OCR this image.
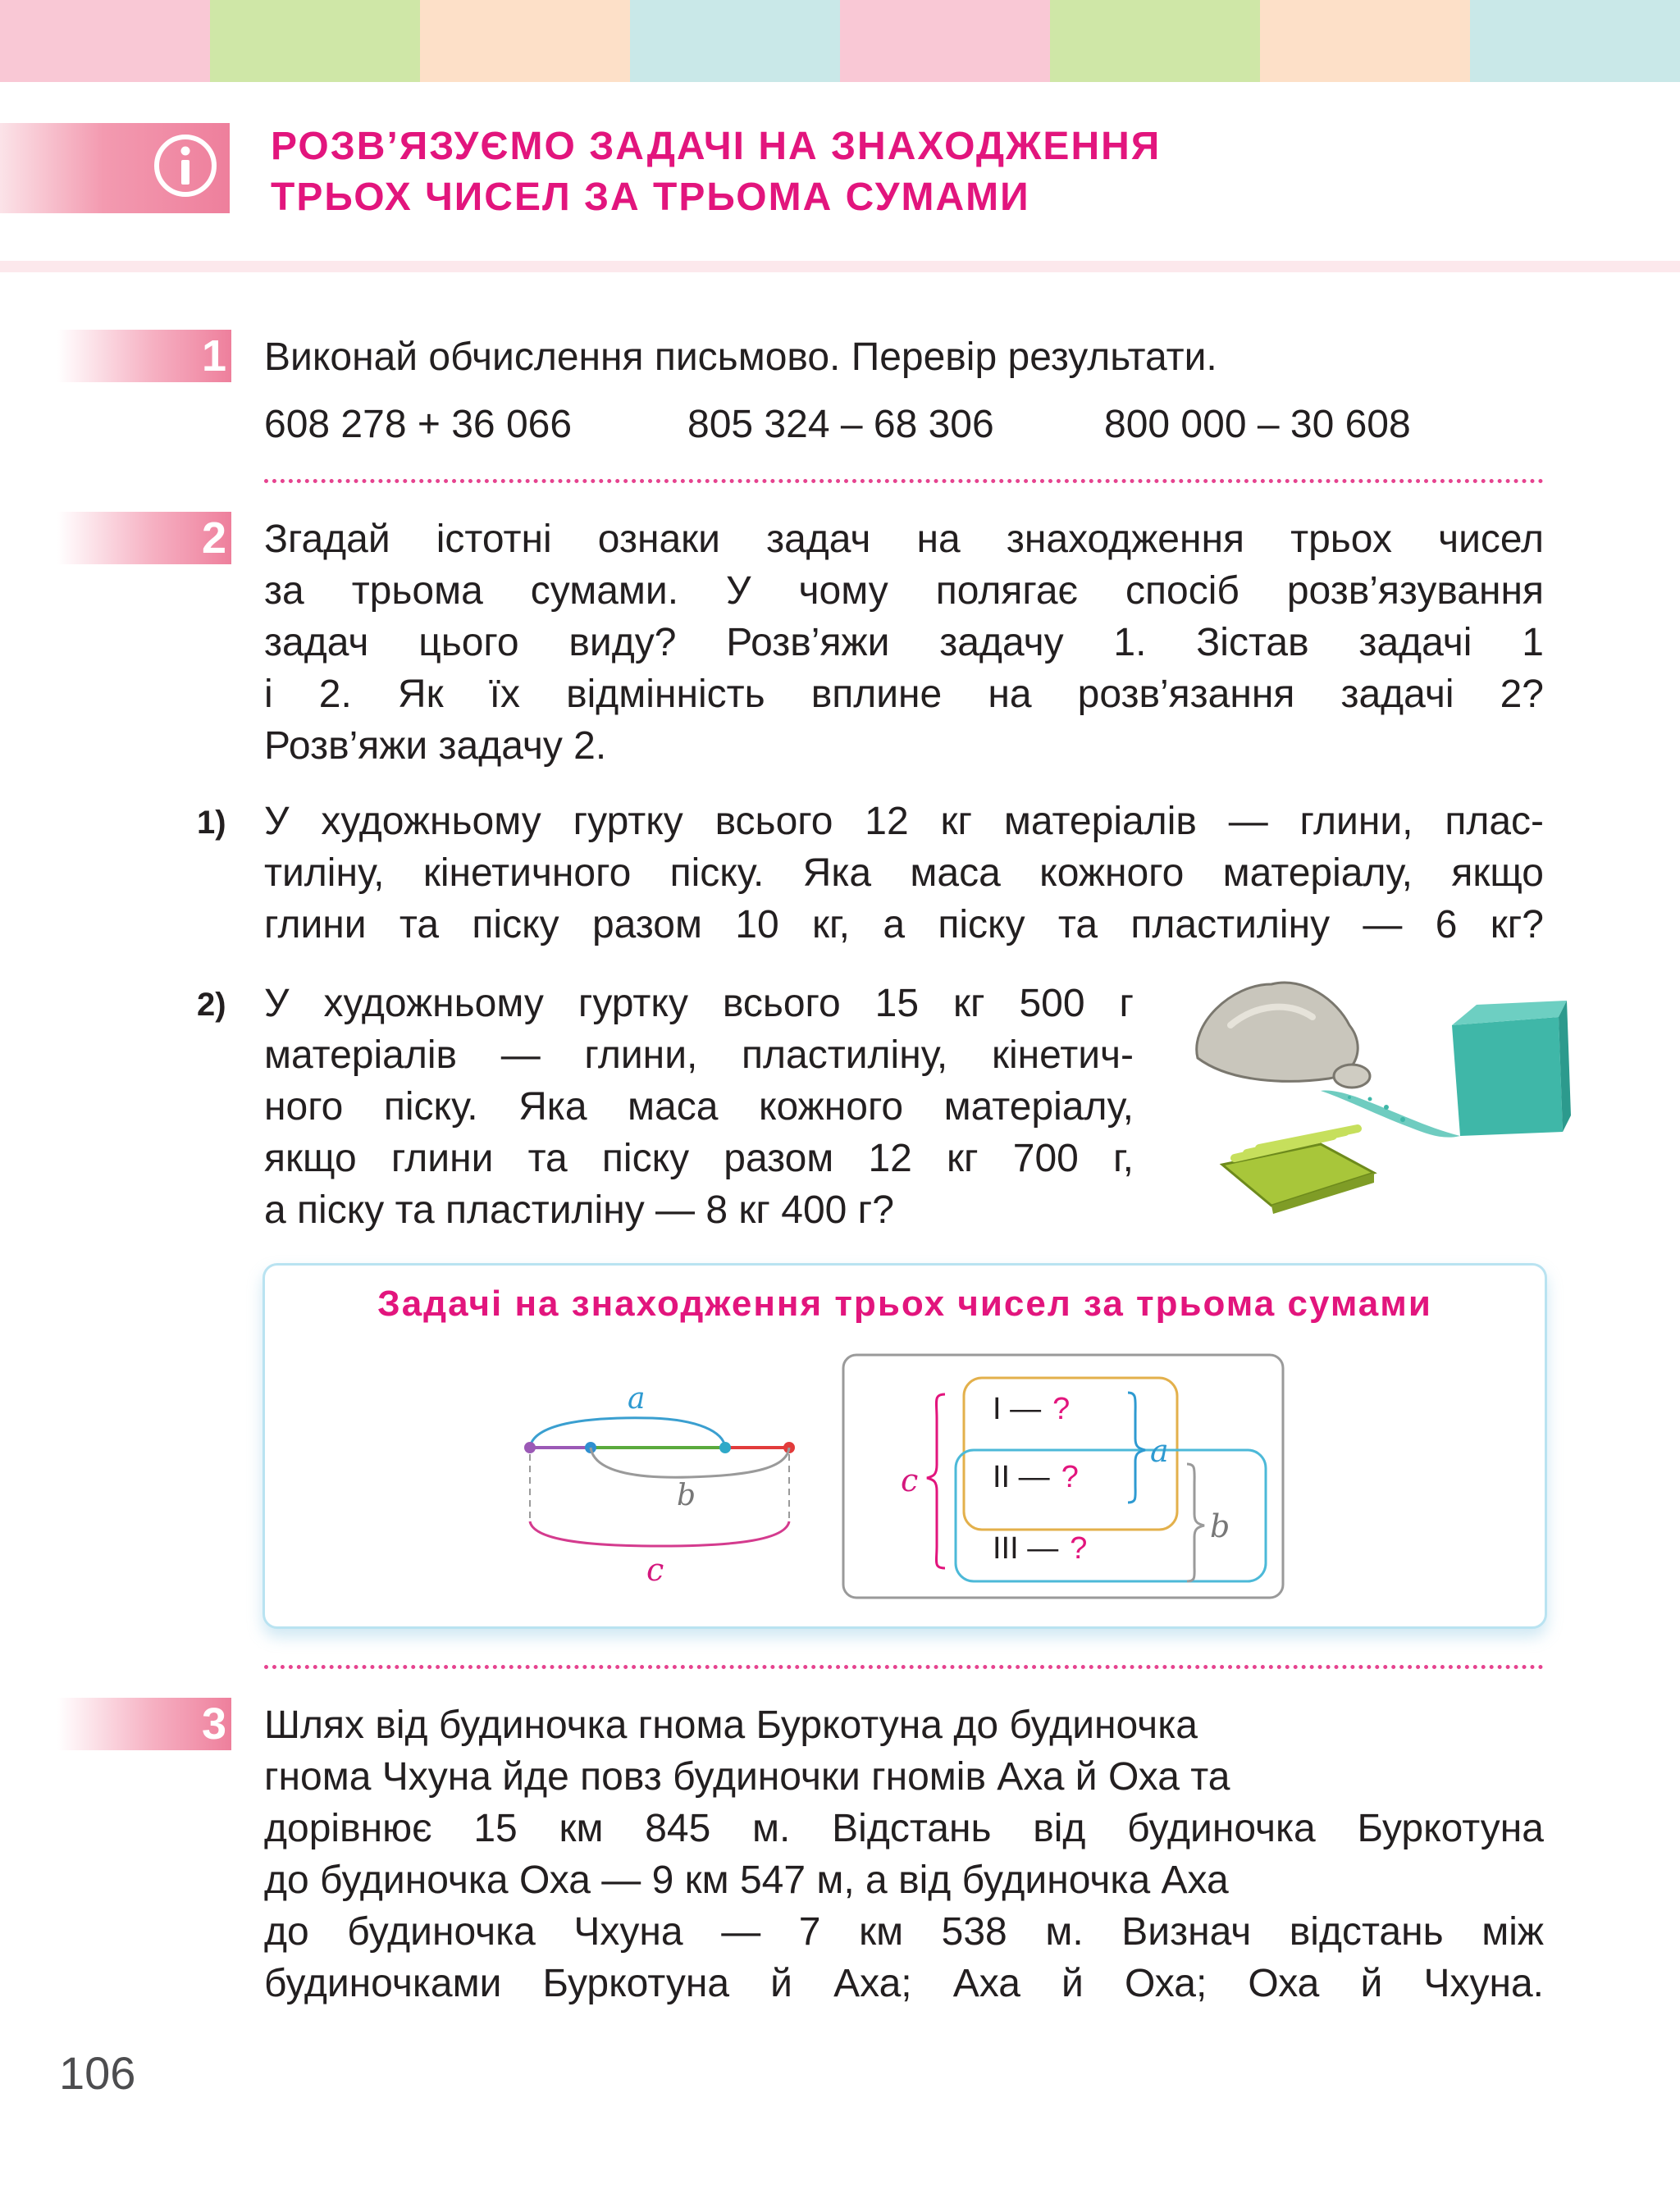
РОЗВ’ЯЗУЄМО ЗАДАЧІ НА ЗНАХОДЖЕННЯ
ТРЬОХ ЧИСЕЛ ЗА ТРЬОМА СУМАМИ
1 Виконай обчислення письмово. Перевір результати.
608 278 + 36 066	805 324 – 68 306	800 000 – 30 608
2 Згадай істотні ознаки задач на знаходження трьох чисел
за трьома сумами. У чому полягає спосіб розв’язування
задач цього виду? Розв’яжи задачу 1. Зістав задачі 1
і 2. Як їх відмінність вплине на розв’язання задачі 2?
Розв’яжи задачу 2.
1) У художньому гуртку всього 12 кг матеріалів — глини, плас-
тиліну, кінетичного піску. Яка маса кожного матеріалу, якщо
глини та піску разом 10 кг, а піску та пластиліну — 6 кг?
2) У художньому гуртку всього 15 кг 500 г
матеріалів — глини, пластиліну, кінетич-
ного піску. Яка маса кожного матеріалу,
якщо глини та піску разом 12 кг 700 г,
а піску та пластиліну — 8 кг 400 г?
Задачі на знаходження трьох чисел за трьома сумами
a
b
c
I — ?
II — ?
III — ?
c
a
b
3 Шлях від будиночка гнома Буркотуна до будиночка
гнома Чхуна йде повз будиночки гномів Аха й Оха та
дорівнює 15 км 845 м. Відстань від будиночка Буркотуна
до будиночка Оха — 9 км 547 м, а від будиночка Аха
до будиночка Чхуна — 7 км 538 м. Визнач відстань між
будиночками Буркотуна й Аха; Аха й Оха; Оха й Чхуна.
106
